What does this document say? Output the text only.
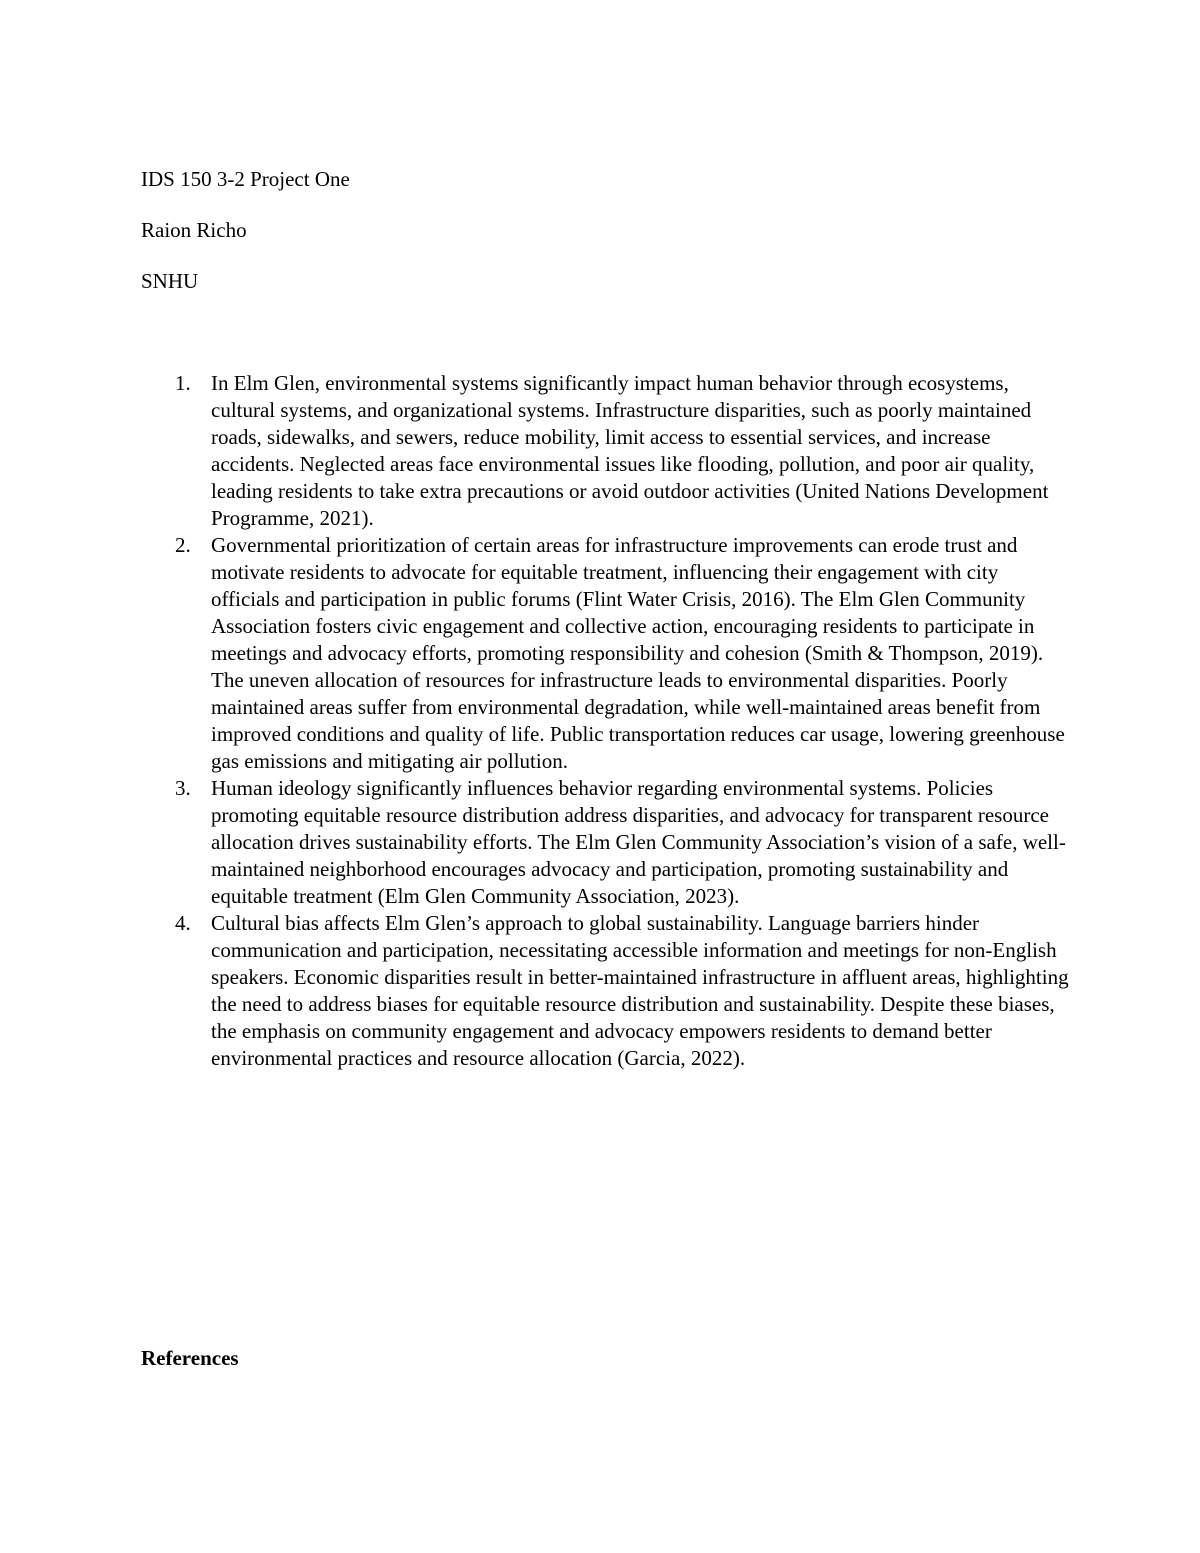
IDS 150 3-2 Project One
Raion Richo
SNHU
1. In Elm Glen, environmental systems significantly impact human behavior through ecosystems, cultural systems, and organizational systems. Infrastructure disparities, such as poorly maintained roads, sidewalks, and sewers, reduce mobility, limit access to essential services, and increase accidents. Neglected areas face environmental issues like flooding, pollution, and poor air quality, leading residents to take extra precautions or avoid outdoor activities (United Nations Development Programme, 2021).
2. Governmental prioritization of certain areas for infrastructure improvements can erode trust and motivate residents to advocate for equitable treatment, influencing their engagement with city officials and participation in public forums (Flint Water Crisis, 2016). The Elm Glen Community Association fosters civic engagement and collective action, encouraging residents to participate in meetings and advocacy efforts, promoting responsibility and cohesion (Smith & Thompson, 2019). The uneven allocation of resources for infrastructure leads to environmental disparities. Poorly maintained areas suffer from environmental degradation, while well-maintained areas benefit from improved conditions and quality of life. Public transportation reduces car usage, lowering greenhouse gas emissions and mitigating air pollution.
3. Human ideology significantly influences behavior regarding environmental systems. Policies promoting equitable resource distribution address disparities, and advocacy for transparent resource allocation drives sustainability efforts. The Elm Glen Community Association’s vision of a safe, well-maintained neighborhood encourages advocacy and participation, promoting sustainability and equitable treatment (Elm Glen Community Association, 2023).
4. Cultural bias affects Elm Glen’s approach to global sustainability. Language barriers hinder communication and participation, necessitating accessible information and meetings for non-English speakers. Economic disparities result in better-maintained infrastructure in affluent areas, highlighting the need to address biases for equitable resource distribution and sustainability. Despite these biases, the emphasis on community engagement and advocacy empowers residents to demand better environmental practices and resource allocation (Garcia, 2022).
References
